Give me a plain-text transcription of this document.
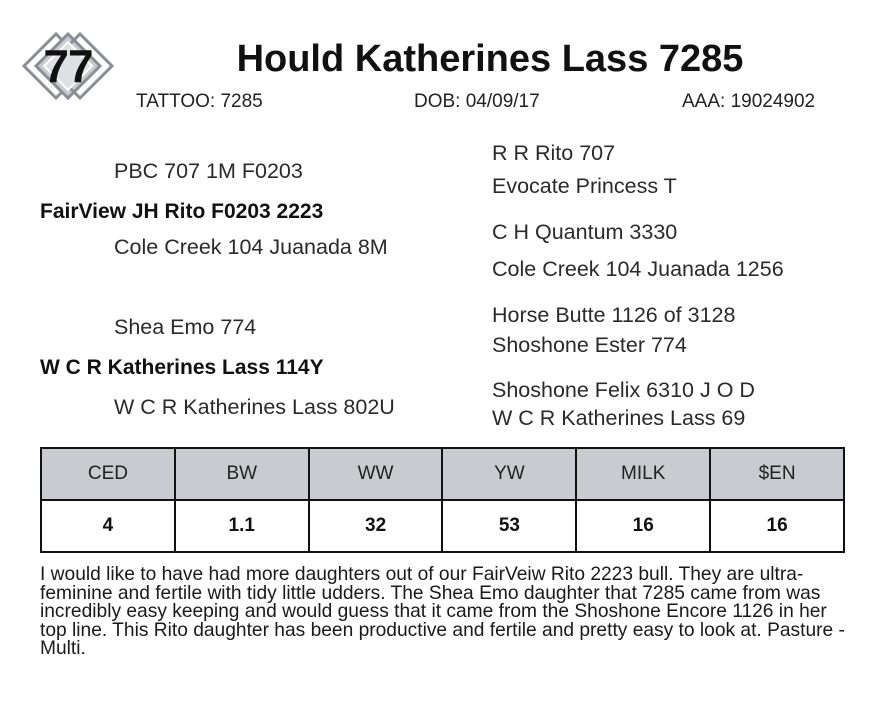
77	Hould Katherines Lass 7285
TATTOO: 7285	DOB: 04/09/17	AAA: 19024902
R R Rito 707
PBC 707 1M F0203
Evocate Princess T
FairView JH Rito F0203 2223
C H Quantum 3330
Cole Creek 104 Juanada 8M
Cole Creek 104 Juanada 1256
Horse Butte 1126 of 3128
Shea Emo 774
Shoshone Ester 774
W C R Katherines Lass 114Y
Shoshone Felix 6310 J O D
W C R Katherines Lass 802U	W C R Katherines Lass 69
CED	BW	WW	YW	MILK	$EN
4	1.1	32	53	16	16

I would like to have had more daughters out of our FairVeiw Rito 2223 bull. They are ultra-feminine and fertile with tidy little udders. The Shea Emo daughter that 7285 came from was incredibly easy keeping and would guess that it came from the Shoshone Encore 1126 in her top line. This Rito daughter has been productive and fertile and pretty easy to look at. Pasture - Multi.
